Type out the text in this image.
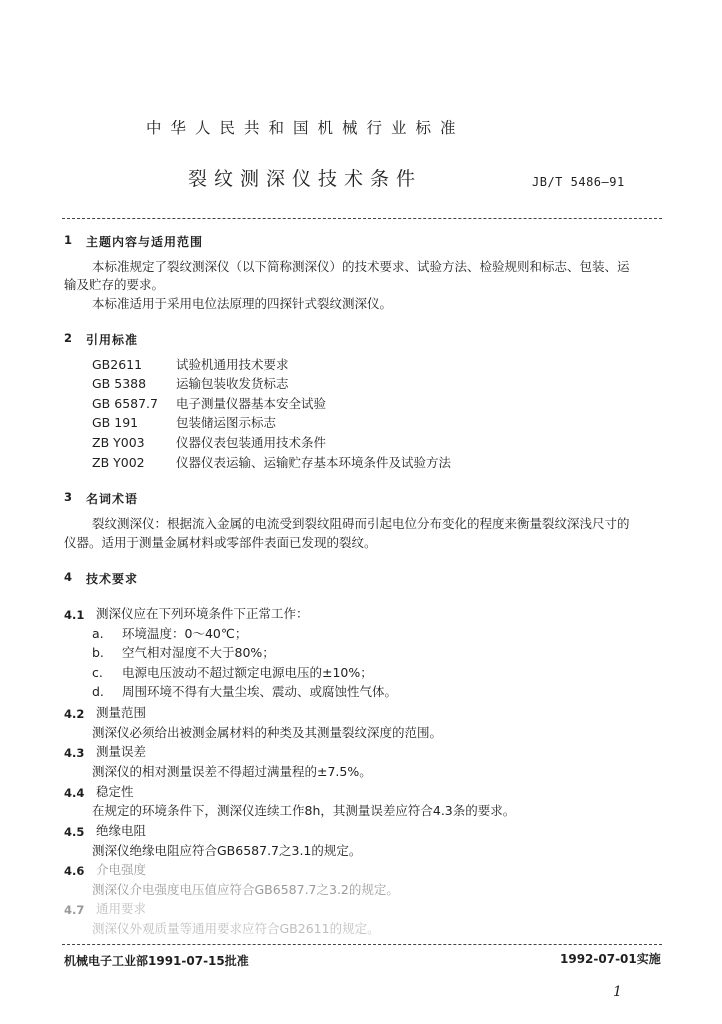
中华人民共和国机械行业标准
裂纹测深仪技术条件	JB/T 5486—91
1 主题内容与适用范围
本标准规定了裂纹测深仪（以下简称测深仪）的技术要求、试验方法、检验规则和标志、包装、运
输及贮存的要求。
本标准适用于采用电位法原理的四探针式裂纹测深仪。
2 引用标准
GB2611	试验机通用技术要求
GB 5388 运输包装收发货标志
GB 6587.7 电子测量仪器基本安全试验
GB 191	包装储运图示标志
ZB Y003	仪器仪表包装通用技术条件
ZB Y002	仪器仪表运输、运输贮存基本环境条件及试验方法
3 名词术语
裂纹测深仪：根据流入金属的电流受到裂纹阻碍而引起电位分布变化的程度来衡量裂纹深浅尺寸的
仪器。适用于测量金属材料或零部件表面已发现的裂纹。
4 技术要求
4.1 测深仪应在下列环境条件下正常工作：
a. 环境温度：0～40℃；
b. 空气相对湿度不大于80%；
c. 电源电压波动不超过额定电源电压的±10%；
d. 周围环境不得有大量尘埃、震动、或腐蚀性气体。
4.2 测量范围
测深仪必须给出被测金属材料的种类及其测量裂纹深度的范围。
4.3 测量误差
测深仪的相对测量误差不得超过满量程的±7.5%。
4.4 稳定性
在规定的环境条件下，测深仪连续工作8h，其测量误差应符合4.3条的要求。
4.5 绝缘电阻
测深仪绝缘电阻应符合GB6587.7之3.1的规定。
4.6 介电强度
测深仪介电强度电压值应符合GB6587.7之3.2的规定。
4.7 通用要求
测深仪外观质量等通用要求应符合GB2611的规定。
机械电子工业部1991-07-15批准	1992-07-01实施
1
